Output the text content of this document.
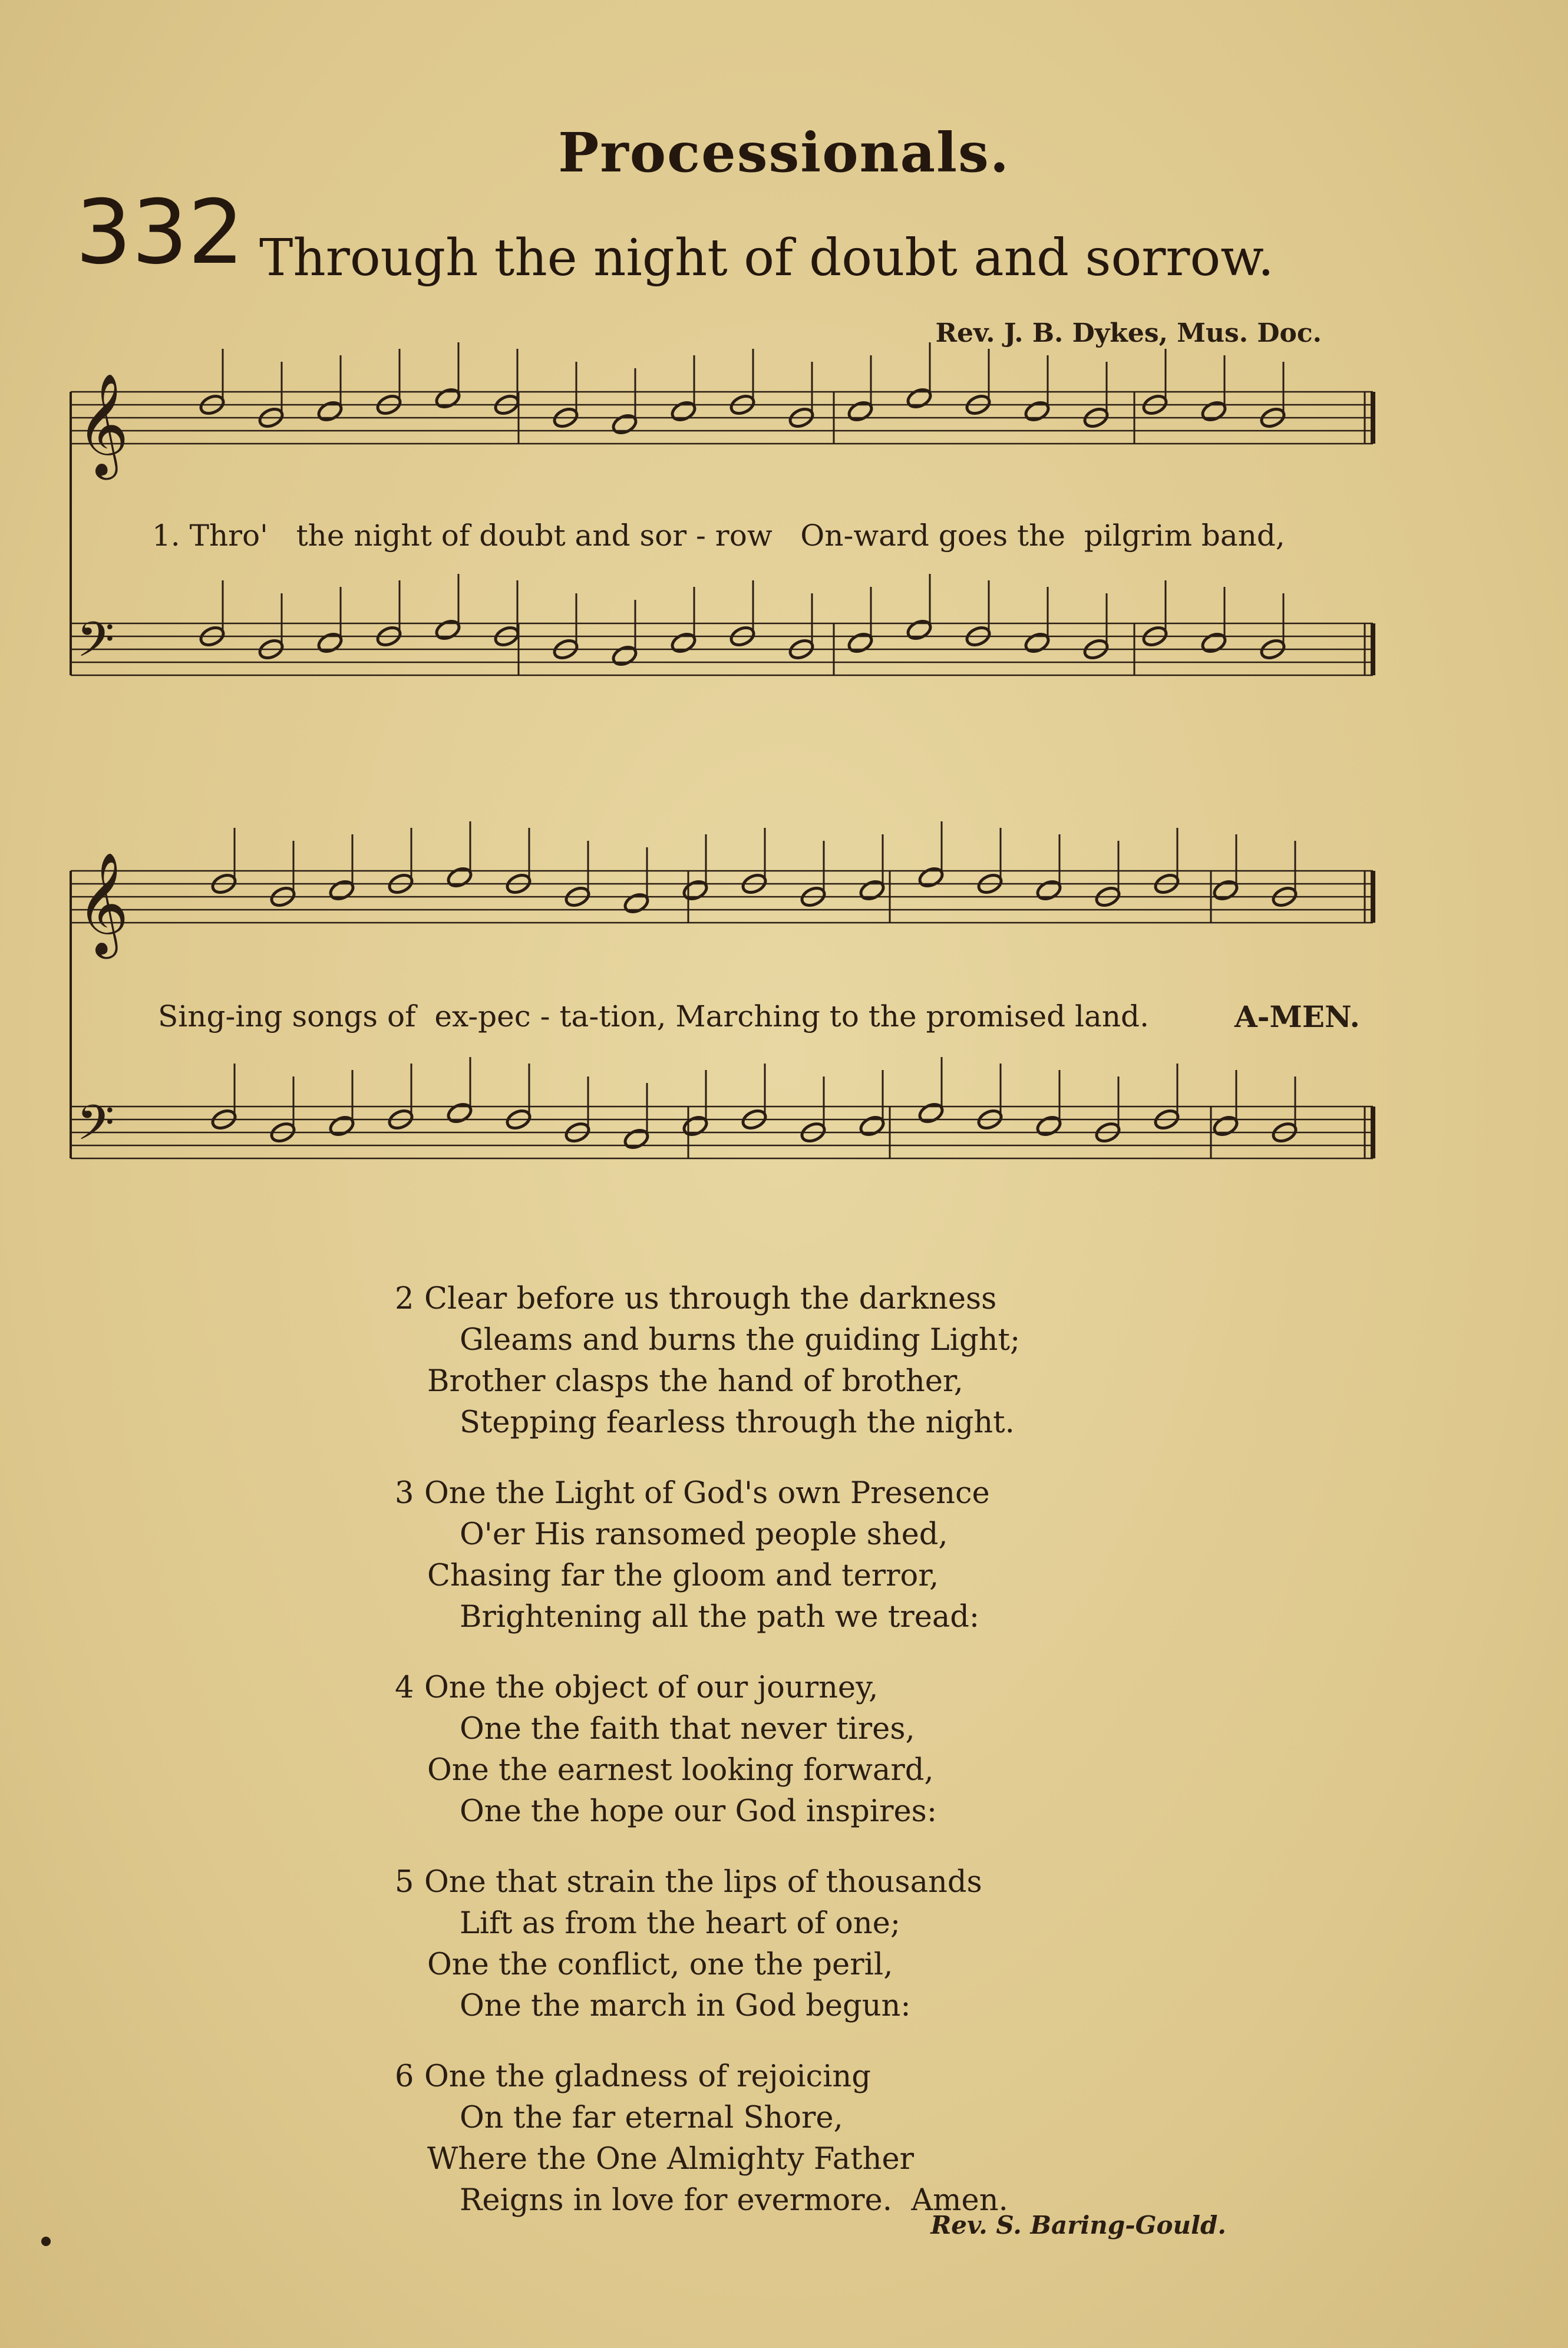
Processionals.
332 Through the night of doubt and sorrow.
Rev. J. B. Dykes, Mus. Doc.
𝄞
𝄢
𝄞
𝄢
1. Thro'   the night of doubt and sor - row   On-ward goes the  pilgrim band,
Sing-ing songs of  ex-pec - ta-tion, Marching to the promised land.	A-MEN.
2 Clear before us through the darkness
Gleams and burns the guiding Light;
Brother clasps the hand of brother,
Stepping fearless through the night.
3 One the Light of God's own Presence
O'er His ransomed people shed,
Chasing far the gloom and terror,
Brightening all the path we tread:
4 One the object of our journey,
One the faith that never tires,
One the earnest looking forward,
One the hope our God inspires:
5 One that strain the lips of thousands
Lift as from the heart of one;
One the conflict, one the peril,
One the march in God begun:
6 One the gladness of rejoicing
On the far eternal Shore,
Where the One Almighty Father
Reigns in love for evermore.  Amen.
Rev. S. Baring-Gould.
